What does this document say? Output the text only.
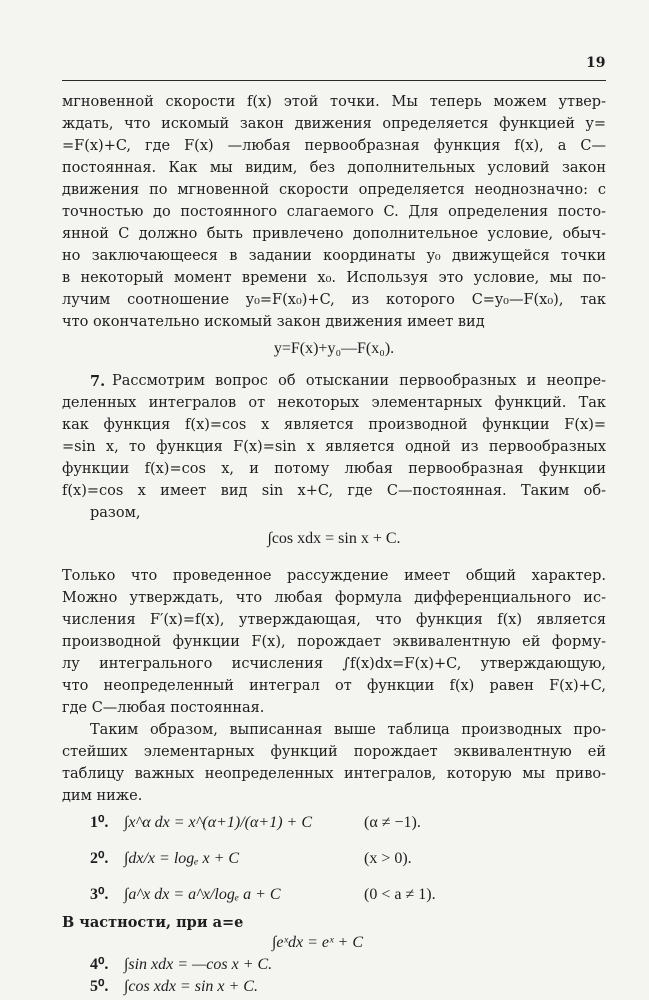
19

мгновенной скорости f(x) этой точки. Мы теперь можем утвер-

ждать, что искомый закон движения определяется функцией y=

=F(x)+C, где F(x) —любая первообразная функция f(x), а C—

постоянная. Как мы видим, без дополнительных условий закон

движения по мгновенной скорости определяется неоднозначно: с

точностью до постоянного слагаемого C. Для определения посто-

янной C должно быть привлечено дополнительное условие, обыч-

но заключающееся в задании координаты y₀ движущейся точки

в некоторый момент времени x₀. Используя это условие, мы по-

лучим соотношение y₀=F(x₀)+C, из которого C=y₀—F(x₀), так

что окончательно искомый закон движения имеет вид

y=F(x)+y₀—F(x₀).
7. Рассмотрим вопрос об отыскании первообразных и неопре-

деленных интегралов от некоторых элементарных функций. Так

как функция f(x)=cos x является производной функции F(x)=

=sin x, то функция F(x)=sin x является одной из первообразных

функции f(x)=cos x, и потому любая первообразная функции

f(x)=cos x имеет вид sin x+C, где C—постоянная. Таким об-

разом,

∫cos xdx = sin x + C.

Только что проведенное рассуждение имеет общий характер.

Можно утверждать, что любая формула дифференциального ис-

числения F′(x)=f(x), утверждающая, что функция f(x) является

производной функции F(x), порождает эквивалентную ей форму-

лу интегрального исчисления ∫f(x)dx=F(x)+C, утверждающую,

что неопределенный интеграл от функции f(x) равен F(x)+C,

где C—любая постоянная.

Таким образом, выписанная выше таблица производных про-

стейших элементарных функций порождает эквивалентную ей

таблицу важных неопределенных интегралов, которую мы приво-

дим ниже.

1⁰. ∫x^α dx = x^(α+1)/(α+1) + C	(α ≠ −1).
2⁰. ∫dx/x = logₑ x + C	(x > 0).
3⁰. ∫a^x dx = a^x/logₑ a + C	(0 < a ≠ 1).
В частности, при a=e
∫eˣdx = eˣ + C
4⁰. ∫sin xdx = —cos x + C.
5⁰. ∫cos xdx = sin x + C.
